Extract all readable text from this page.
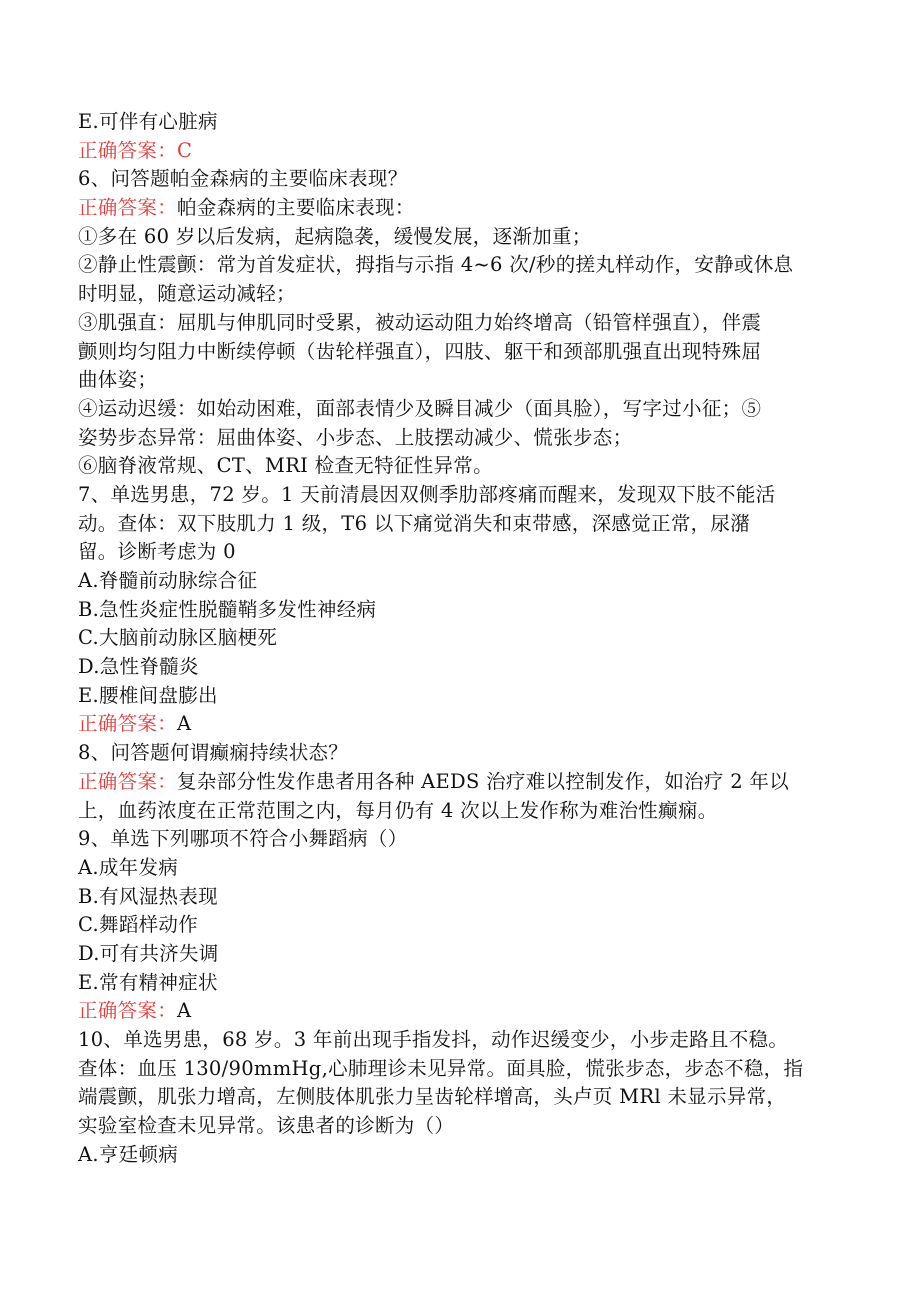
E.可伴有心脏病
正确答案：C
6、问答题帕金森病的主要临床表现？
正确答案：帕金森病的主要临床表现：
①多在 60 岁以后发病，起病隐袭，缓慢发展，逐渐加重；
②静止性震颤：常为首发症状，拇指与示指 4~6 次/秒的搓丸样动作，安静或休息
时明显，随意运动减轻；
③肌强直：屈肌与伸肌同时受累，被动运动阻力始终增高（铅管样强直），伴震
颤则均匀阻力中断续停顿（齿轮样强直），四肢、躯干和颈部肌强直出现特殊屈
曲体姿；
④运动迟缓：如始动困难，面部表情少及瞬目减少（面具脸），写字过小征；⑤
姿势步态异常：屈曲体姿、小步态、上肢摆动减少、慌张步态；
⑥脑脊液常规、CT、MRI 检查无特征性异常。
7、单选男患，72 岁。1 天前清晨因双侧季肋部疼痛而醒来，发现双下肢不能活
动。查体：双下肢肌力 1 级，T6 以下痛觉消失和束带感，深感觉正常，尿潴
留。诊断考虑为 0
A.脊髓前动脉综合征
B.急性炎症性脱髓鞘多发性神经病
C.大脑前动脉区脑梗死
D.急性脊髓炎
E.腰椎间盘膨出
正确答案：A
8、问答题何谓癫痫持续状态？
正确答案：复杂部分性发作患者用各种 AEDS 治疗难以控制发作，如治疗 2 年以
上，血药浓度在正常范围之内，每月仍有 4 次以上发作称为难治性癫痫。
9、单选下列哪项不符合小舞蹈病（）
A.成年发病
B.有风湿热表现
C.舞蹈样动作
D.可有共济失调
E.常有精神症状
正确答案：A
10、单选男患，68 岁。3 年前出现手指发抖，动作迟缓变少，小步走路且不稳。
查体：血压 130/90mmHg,心肺理诊未见异常。面具脸，慌张步态，步态不稳，指
端震颤，肌张力增高，左侧肢体肌张力呈齿轮样增高，头卢页 MRl 未显示异常，
实验室检查未见异常。该患者的诊断为（）
A.亨廷顿病
